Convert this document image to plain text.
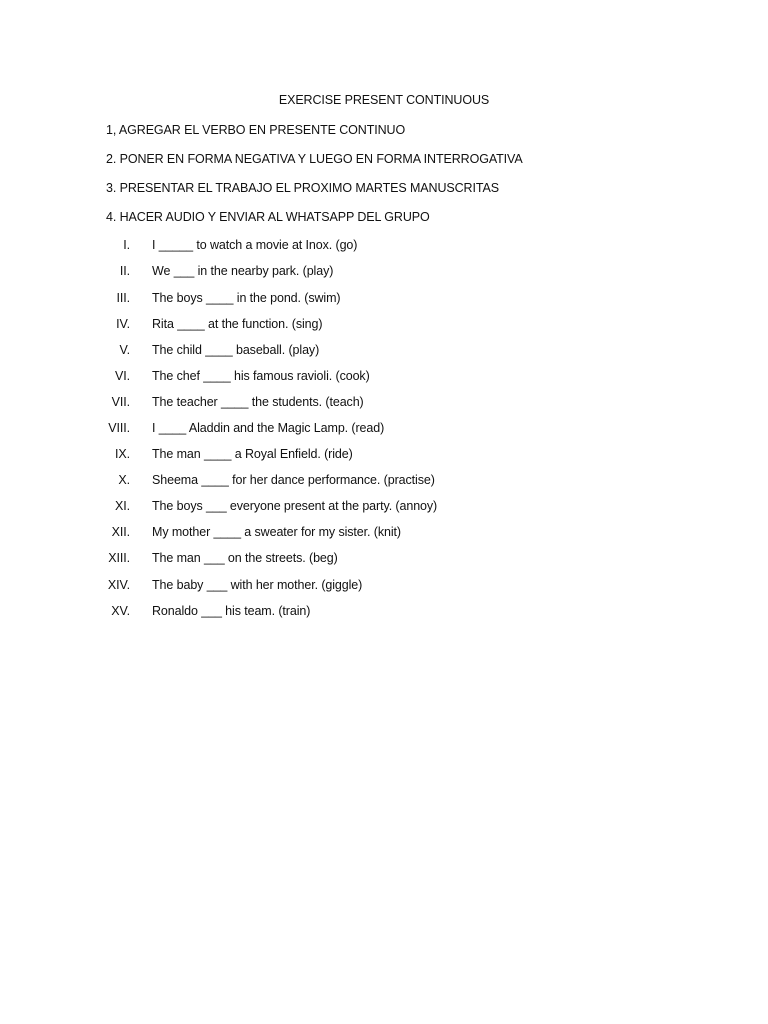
EXERCISE PRESENT CONTINUOUS
1, AGREGAR EL VERBO EN PRESENTE CONTINUO
2. PONER EN FORMA NEGATIVA Y LUEGO EN FORMA INTERROGATIVA
3. PRESENTAR EL TRABAJO EL PROXIMO MARTES MANUSCRITAS
4. HACER AUDIO Y ENVIAR AL WHATSAPP DEL GRUPO
I. I _____ to watch a movie at Inox. (go)
II. We ___ in the nearby park. (play)
III. The boys ____ in the pond. (swim)
IV. Rita ____ at the function. (sing)
V. The child ____ baseball. (play)
VI. The chef ____ his famous ravioli. (cook)
VII. The teacher ____ the students. (teach)
VIII. I ____ Aladdin and the Magic Lamp. (read)
IX. The man ____ a Royal Enfield. (ride)
X. Sheema ____ for her dance performance. (practise)
XI. The boys ___ everyone present at the party. (annoy)
XII. My mother ____ a sweater for my sister. (knit)
XIII. The man ___ on the streets. (beg)
XIV. The baby ___ with her mother. (giggle)
XV. Ronaldo ___ his team. (train)
